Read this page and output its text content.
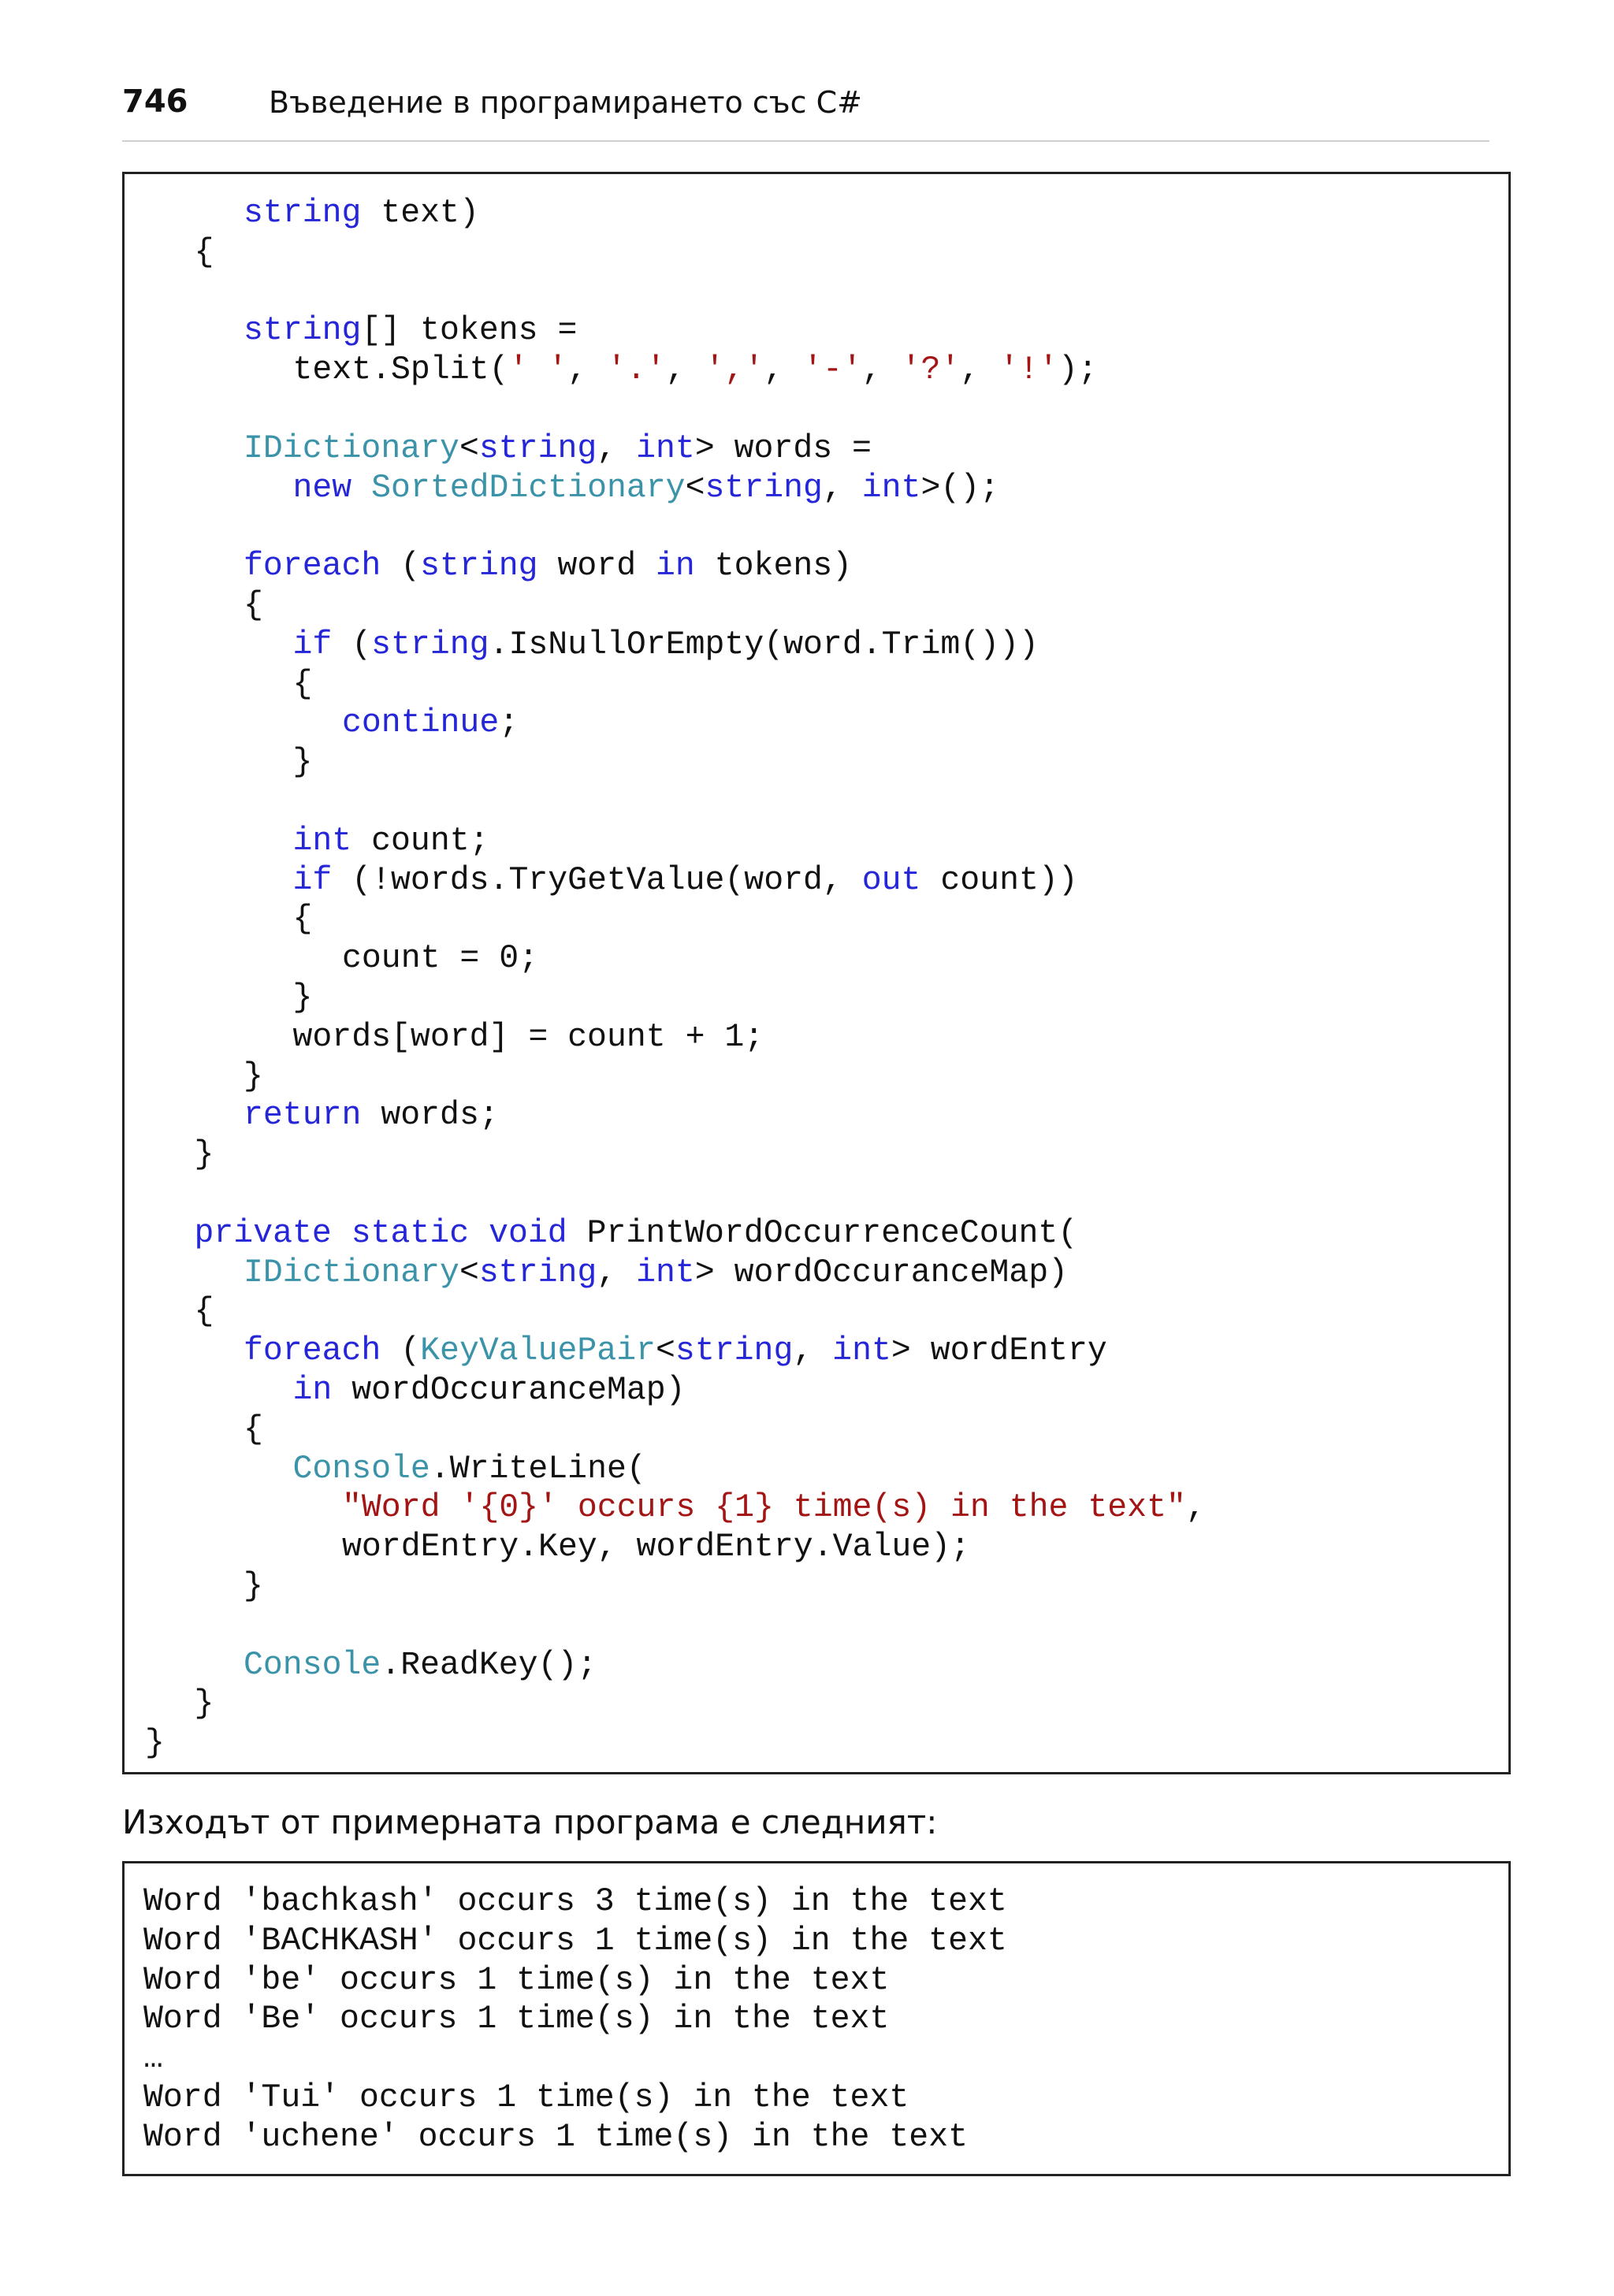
746	Въведение в програмирането със C#
string text)
{
string[] tokens =
text.Split(' ', '.', ',', '-', '?', '!');
IDictionary<string, int> words =
new SortedDictionary<string, int>();
foreach (string word in tokens)
{
if (string.IsNullOrEmpty(word.Trim()))
{
continue;
}
int count;
if (!words.TryGetValue(word, out count))
{
count = 0;
}
words[word] = count + 1;
}
return words;
}
private static void PrintWordOccurrenceCount(
IDictionary<string, int> wordOccuranceMap)
{
foreach (KeyValuePair<string, int> wordEntry
in wordOccuranceMap)
{
Console.WriteLine(
"Word '{0}' occurs {1} time(s) in the text",
wordEntry.Key, wordEntry.Value);
}
Console.ReadKey();
}
}
Изходът от примерната програма е следният:
Word 'bachkash' occurs 3 time(s) in the text
Word 'BACHKASH' occurs 1 time(s) in the text
Word 'be' occurs 1 time(s) in the text
Word 'Be' occurs 1 time(s) in the text
…
Word 'Tui' occurs 1 time(s) in the text
Word 'uchene' occurs 1 time(s) in the text
